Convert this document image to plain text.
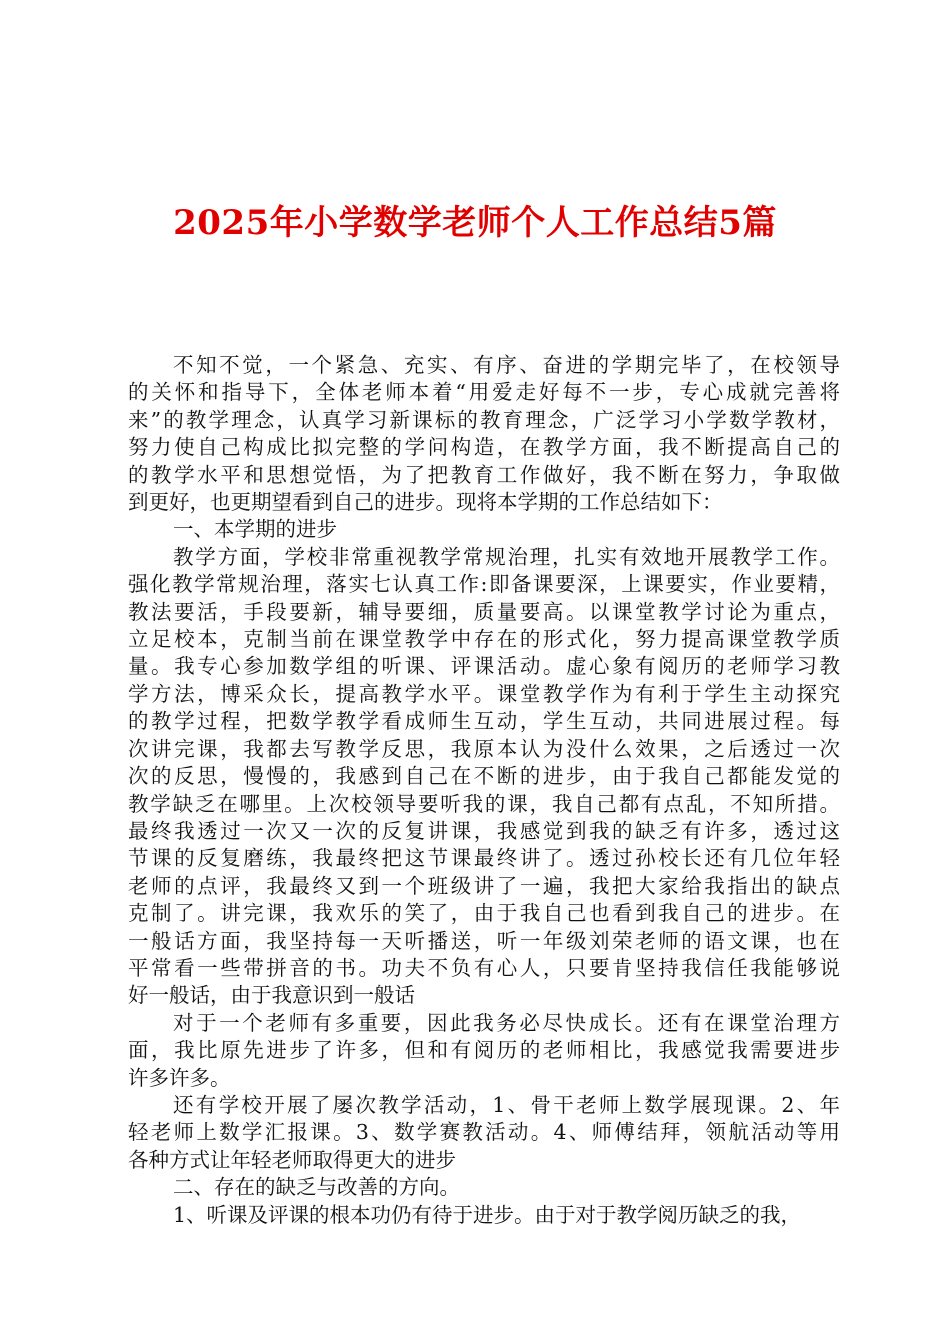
2025年小学数学老师个人工作总结5篇
不知不觉，一个紧急、充实、有序、奋进的学期完毕了，在校领导
的关怀和指导下，全体老师本着“用爱走好每不一步，专心成就完善将
来”的教学理念，认真学习新课标的教育理念，广泛学习小学数学教材，
努力使自己构成比拟完整的学问构造，在教学方面，我不断提高自己的
的教学水平和思想觉悟，为了把教育工作做好，我不断在努力，争取做
到更好，也更期望看到自己的进步。现将本学期的工作总结如下：
一、本学期的进步
教学方面，学校非常重视教学常规治理，扎实有效地开展教学工作。
强化教学常规治理，落实七认真工作:即备课要深，上课要实，作业要精，
教法要活，手段要新，辅导要细，质量要高。以课堂教学讨论为重点，
立足校本，克制当前在课堂教学中存在的形式化，努力提高课堂教学质
量。我专心参加数学组的听课、评课活动。虚心象有阅历的老师学习教
学方法，博采众长，提高教学水平。课堂教学作为有利于学生主动探究
的教学过程，把数学教学看成师生互动，学生互动，共同进展过程。每
次讲完课，我都去写教学反思，我原本认为没什么效果，之后透过一次
次的反思，慢慢的，我感到自己在不断的进步，由于我自己都能发觉的
教学缺乏在哪里。上次校领导要听我的课，我自己都有点乱，不知所措。
最终我透过一次又一次的反复讲课，我感觉到我的缺乏有许多，透过这
节课的反复磨练，我最终把这节课最终讲了。透过孙校长还有几位年轻
老师的点评，我最终又到一个班级讲了一遍，我把大家给我指出的缺点
克制了。讲完课，我欢乐的笑了，由于我自己也看到我自己的进步。在
一般话方面，我坚持每一天听播送，听一年级刘荣老师的语文课，也在
平常看一些带拼音的书。功夫不负有心人，只要肯坚持我信任我能够说
好一般话，由于我意识到一般话
对于一个老师有多重要，因此我务必尽快成长。还有在课堂治理方
面，我比原先进步了许多，但和有阅历的老师相比，我感觉我需要进步
许多许多。
还有学校开展了屡次教学活动，1、骨干老师上数学展现课。2、年
轻老师上数学汇报课。3、数学赛教活动。4、师傅结拜，领航活动等用
各种方式让年轻老师取得更大的进步
二、存在的缺乏与改善的方向。
1、听课及评课的根本功仍有待于进步。由于对于教学阅历缺乏的我，
